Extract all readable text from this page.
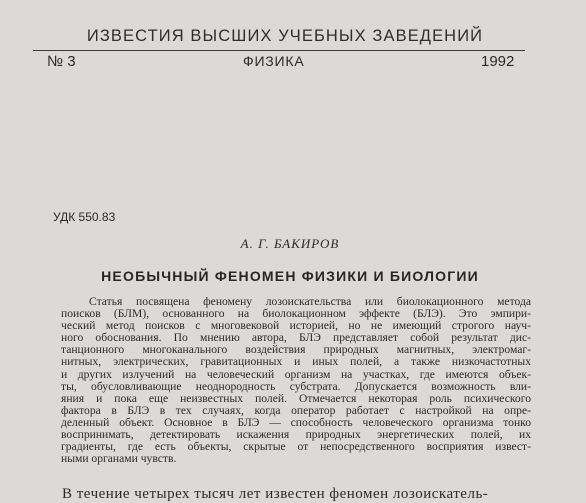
ИЗВЕСТИЯ ВЫСШИХ УЧЕБНЫХ ЗАВЕДЕНИЙ
№ 3	ФИЗИКА	1992
УДК 550.83
А. Г. БАКИРОВ
НЕОБЫЧНЫЙ ФЕНОМЕН ФИЗИКИ И БИОЛОГИИ
Статья посвящена феномену лозоискательства или биолокационного метода
поисков (БЛМ), основанного на биолокационном эффекте (БЛЭ). Это эмпири-
ческий метод поисков с многовековой историей, но не имеющий строгого науч-
ного обоснования. По мнению автора, БЛЭ представляет собой результат дис-
танционного многоканального воздействия природных магнитных, электромаг-
нитных, электрических, гравитационных и иных полей, а также низкочастотных
и других излучений на человеческий организм на участках, где имеются объек-
ты, обусловливающие неоднородность субстрата. Допускается возможность вли-
яния и пока еще неизвестных полей. Отмечается некоторая роль психического
фактора в БЛЭ в тех случаях, когда оператор работает с настройкой на опре-
деленный объект. Основное в БЛЭ — способность человеческого организма тонко
воспринимать, детектировать искажения природных энергетических полей, их
градиенты, где есть объекты, скрытые от непосредственного восприятия извест-
ными органами чувств.
В течение четырех тысяч лет известен феномен лозоискатель-
